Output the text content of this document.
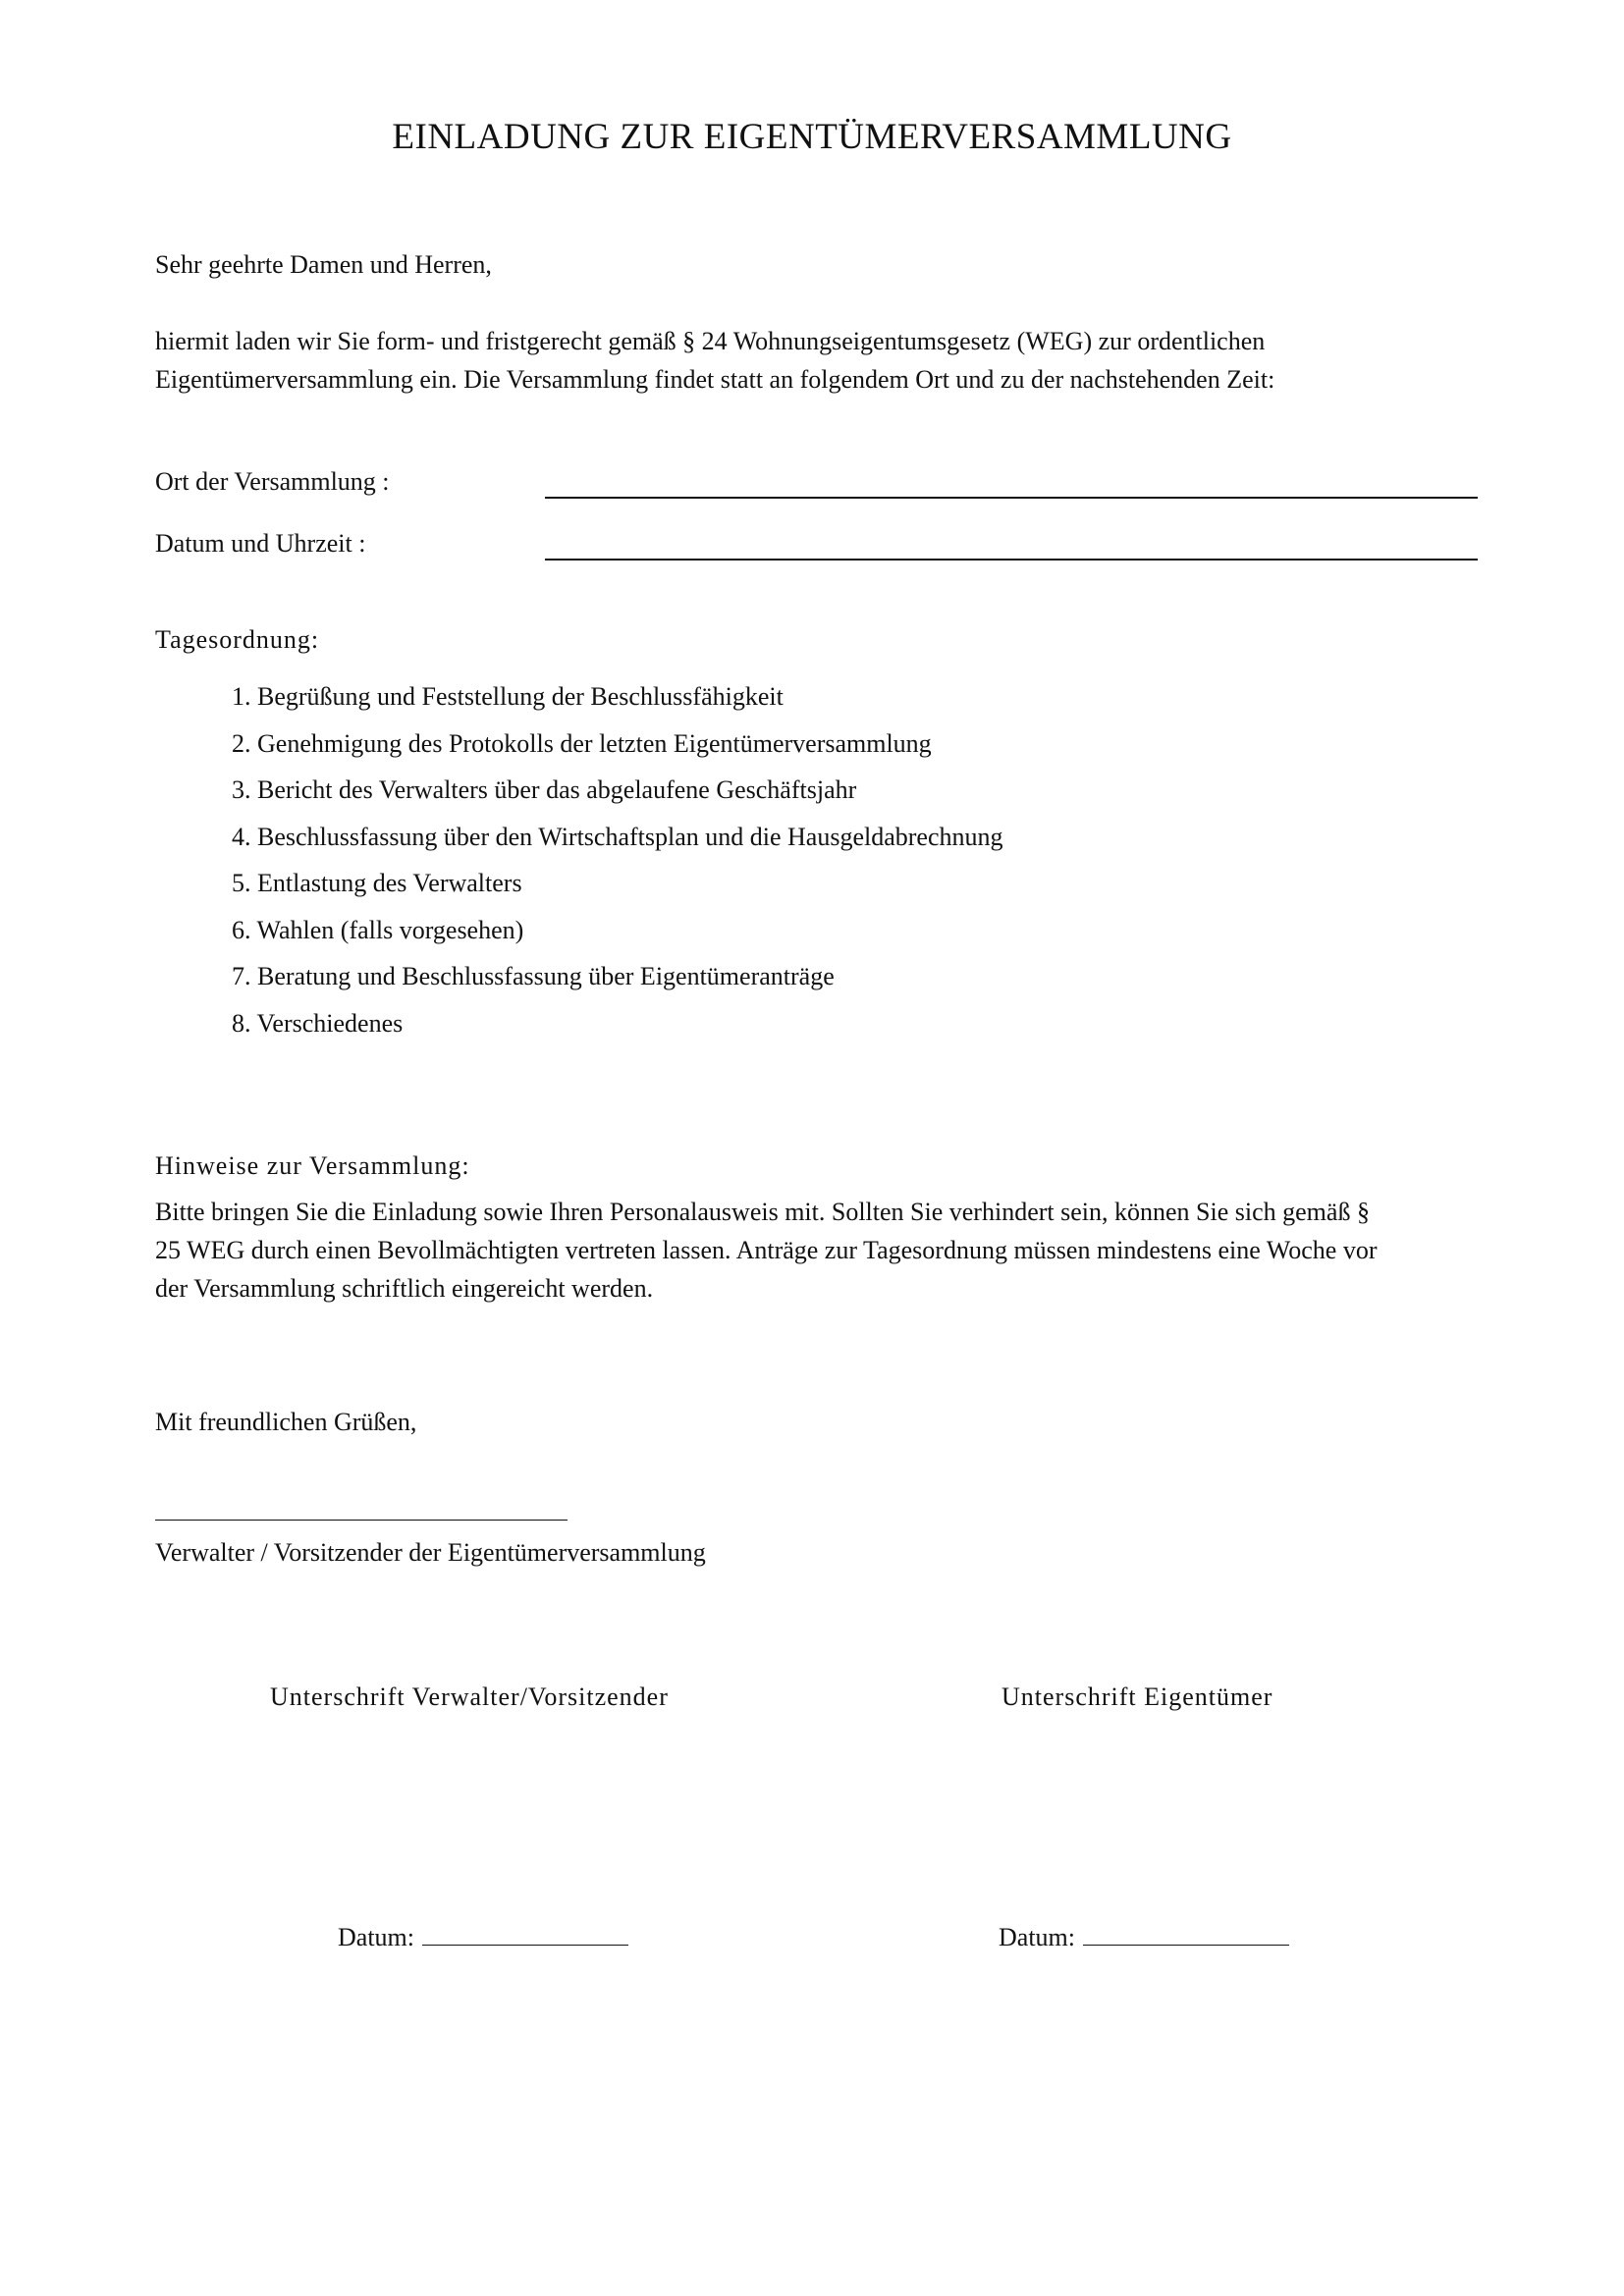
EINLADUNG ZUR EIGENTÜMERVERSAMMLUNG

Sehr geehrte Damen und Herren,

hiermit laden wir Sie form- und fristgerecht gemäß § 24 Wohnungseigentumsgesetz (WEG) zur ordentlichen

Eigentümerversammlung ein. Die Versammlung findet statt an folgendem Ort und zu der nachstehenden Zeit:

Ort der Versammlung :

Datum und Uhrzeit :

Tagesordnung:

1. Begrüßung und Feststellung der Beschlussfähigkeit
2. Genehmigung des Protokolls der letzten Eigentümerversammlung
3. Bericht des Verwalters über das abgelaufene Geschäftsjahr
4. Beschlussfassung über den Wirtschaftsplan und die Hausgeldabrechnung
5. Entlastung des Verwalters
6. Wahlen (falls vorgesehen)
7. Beratung und Beschlussfassung über Eigentümeranträge
8. Verschiedenes

Hinweise zur Versammlung:

Bitte bringen Sie die Einladung sowie Ihren Personalausweis mit. Sollten Sie verhindert sein, können Sie sich gemäß §

25 WEG durch einen Bevollmächtigten vertreten lassen. Anträge zur Tagesordnung müssen mindestens eine Woche vor

der Versammlung schriftlich eingereicht werden.

Mit freundlichen Grüßen,

Verwalter / Vorsitzender der Eigentümerversammlung

Unterschrift Verwalter/Vorsitzender	Unterschrift Eigentümer
Datum:	Datum:
